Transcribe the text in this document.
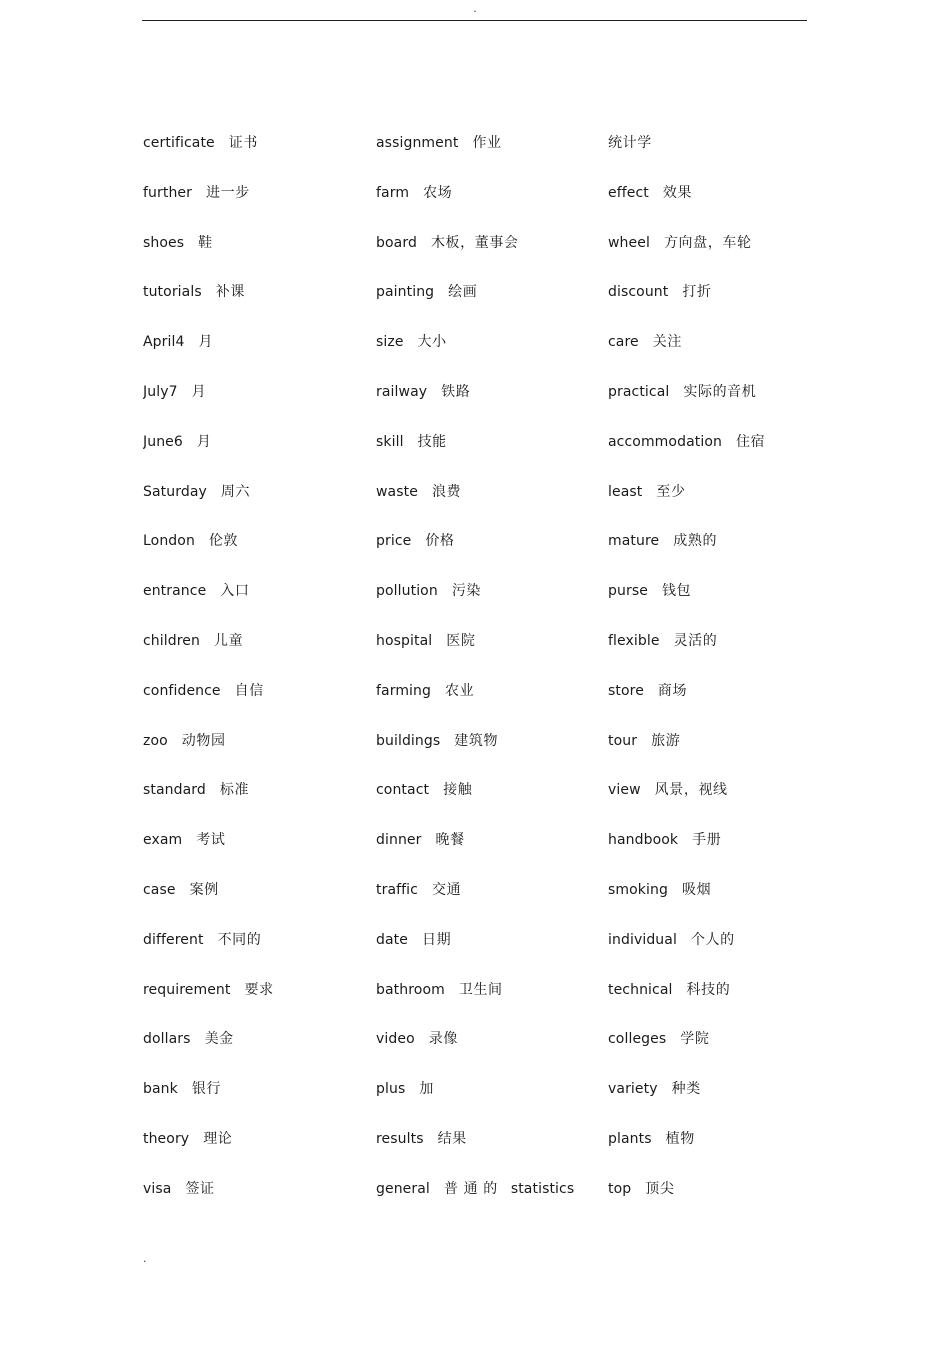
.
certificate 证书	assignment 作业	统计学
further 进一步	farm 农场	effect 效果
shoes 鞋	board 木板，董事会	wheel 方向盘，车轮
tutorials 补课	painting 绘画	discount 打折
April4 月	size 大小	care 关注
July7 月	railway 铁路	practical 实际的音机
June6 月	skill 技能	accommodation 住宿
Saturday 周六	waste 浪费	least 至少
London 伦敦	price 价格	mature 成熟的
entrance 入口	pollution 污染	purse 钱包
children 儿童	hospital 医院	flexible 灵活的
confidence 自信	farming 农业	store 商场
zoo 动物园	buildings 建筑物	tour 旅游
standard 标准	contact 接触	view 风景，视线
exam 考试	dinner 晚餐	handbook 手册
case 案例	traffic 交通	smoking 吸烟
different 不同的	date 日期	individual 个人的
requirement 要求	bathroom 卫生间	technical 科技的
dollars 美金	video 录像	colleges 学院
bank 银行	plus 加	variety 种类
theory 理论	results 结果	plants 植物
visa 签证	general 普 通 的 statistics	top 顶尖
.
